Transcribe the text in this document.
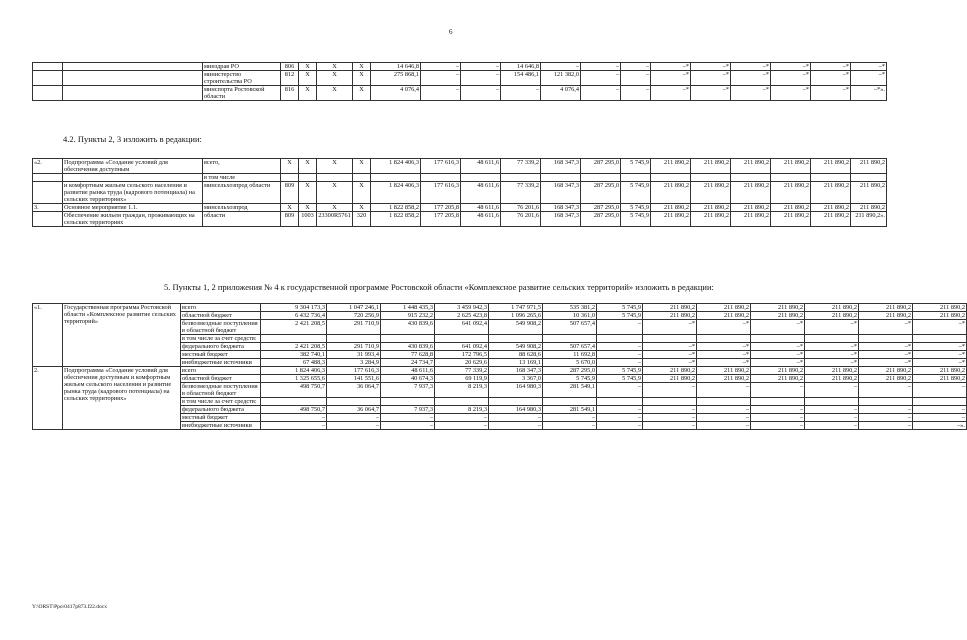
6
		минздрав РО	806	X	X	X	14 646,8	–	–	14 646,8	–	–	–	–*	–*	–*	–*	–*	–*
		министерство строительства РО	812	X	X	X	275 868,1	–	–	154 486,1	121 382,0	–	–	–*	–*	–*	–*	–*	–*
		минспорта Ростовской области	816	X	X	X	4 076,4	–	–	–	4 076,4	–	–	–*	–*	–*	–*	–*	–*».
4.2. Пункты 2, 3 изложить в редакции:
«2.	Подпрограмма «Создание условий для обеспечения доступным	всего,	X	X	X	X	1 824 406,3	177 616,3	48 611,6	77 339,2	168 347,3	287 295,0	5 745,9	211 890,2	211 890,2	211 890,2	211 890,2	211 890,2	211 890,2
		в том числе																	
	и комфортным жильем сельского населения и развитие рынка труда (кадрового потенциала) на сельских территориях»	минсельхозпрод области	809	X	X	X	1 824 406,3	177 616,3	48 611,6	77 339,2	168 347,3	287 295,0	5 745,9	211 890,2	211 890,2	211 890,2	211 890,2	211 890,2	211 890,2
3.	Основное мероприятие 1.1.	минсельхозпрод	X	X	X	X	1 822 858,2	177 205,8	48 611,6	76 201,6	168 347,3	287 295,0	5 745,9	211 890,2	211 890,2	211 890,2	211 890,2	211 890,2	211 890,2
	Обеспечение жильем граждан, проживающих на сельских территориях	области	809	1003	23300R5761	320	1 822 858,2	177 205,8	48 611,6	76 201,6	168 347,3	287 295,0	5 745,9	211 890,2	211 890,2	211 890,2	211 890,2	211 890,2	211 890,2».
5. Пункты 1, 2 приложения № 4 к государственной программе Ростовской области «Комплексное развитие сельских территорий» изложить в редакции:
«1.	Государственная программа Ростовской области «Комплексное развитие сельских территорий»	всего	9 304 173,3	1 047 246,1	1 448 435,3	3 459 942,3	1 747 971,5	535 381,2	5 745,9	211 890,2	211 890,2	211 890,2	211 890,2	211 890,2	211 890,2
		областной бюджет	6 432 736,4	720 256,9	915 232,2	2 625 423,8	1 096 265,6	10 361,0	5 745,9	211 890,2	211 890,2	211 890,2	211 890,2	211 890,2	211 890,2
		безвозмездные поступления в областной бюджет	2 421 208,5	291 710,9	430 839,6	641 092,4	549 908,2	507 657,4	–	–*	–*	–*	–*	–*	–*
		в том числе за счет средств:													
		федерального бюджета	2 421 208,5	291 710,9	430 839,6	641 092,4	549 908,2	507 657,4	–	–*	–*	–*	–*	–*	–*
		местный бюджет	382 740,1	31 993,4	77 628,8	172 796,5	88 628,6	11 692,8	–	–*	–*	–*	–*	–*	–*
		внебюджетные источники	67 488,3	3 284,9	24 734,7	20 629,6	13 169,1	5 670,0	–	–*	–*	–*	–*	–*	–*
2.	Подпрограмма «Создание условий для обеспечения доступным и комфортным жильем сельского населения и развитие рынка труда (кадрового потенциала) на сельских территориях»	всего	1 824 406,3	177 616,3	48 611,6	77 339,2	168 347,3	287 295,0	5 745,9	211 890,2	211 890,2	211 890,2	211 890,2	211 890,2	211 890,2
		областной бюджет	1 325 655,6	141 551,6	40 674,3	69 119,9	3 367,0	5 745,9	5 745,9	211 890,2	211 890,2	211 890,2	211 890,2	211 890,2	211 890,2
		безвозмездные поступления в областной бюджет	498 750,7	36 064,7	7 937,3	8 219,3	164 980,3	281 549,1	–	–	–	–	–	–	–
		в том числе за счет средств:													
		федерального бюджета	498 750,7	36 064,7	7 937,3	8 219,3	164 980,3	281 549,1	–	–	–	–	–	–	–
		местный бюджет	–	–	–	–	–	–	–	–	–	–	–	–	–
		внебюджетные источники	–	–	–	–	–	–	–	–	–	–	–	–	–».
Y:\ORST\Ppo\0417p873.f22.docx
